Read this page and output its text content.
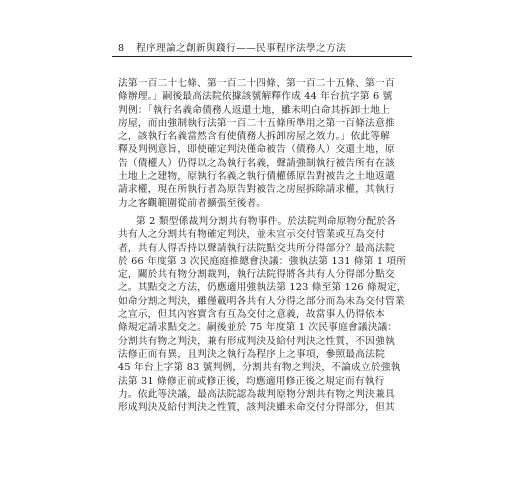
8 程序理論之創新與踐行——民事程序法學之方法
法第一百二十七條、第一百二十四條、第一百二十五條、第一百
條辦理。」嗣後最高法院依據該號解釋作成 44 年台抗字第 6 號
判例：「執行名義命債務人返還土地，雖未明白命其拆卸土地上
房屋，而由強制執行法第一百二十五條所準用之第一百條法意推
之，該執行名義當然含有使債務人拆卸房屋之效力。」依此等解
釋及判例意旨，即使確定判決僅命被告（債務人）交還土地，原
告（債權人）仍得以之為執行名義，聲請強制執行被告所有在該
土地上之建物，原執行名義之執行債權係原告對被告之土地返還
請求權，現在所執行者為原告對被告之房屋拆除請求權，其執行
力之客觀範圍從前者擴張至後者。
第 2 類型係裁判分割共有物事件。於法院判命原物分配於各
共有人之分割共有物確定判決，並未宣示交付管業或互為交付
者，共有人得否持以聲請執行法院點交共所分得部分？最高法院
於 66 年度第 3 次民庭庭推總會決議：強執法第 131 條第 1 項所
定，關於共有物分割裁判，執行法院得將各共有人分得部分點交
之。其點交之方法，仍應適用強執法第 123 條至第 126 條規定，
如命分割之判決，雖僅載明各共有人分得之部分而為未為交付管業
之宣示，但其內容實含有互為交付之意義，故當事人仍得依本
條規定請求點交之。嗣後並於 75 年度第 1 次民事庭會議決議：
分割共有物之判決，兼有形成判決及給付判決之性質，不因強執
法修正而有異，且判決之執行為程序上之事項，參照最高法院
45 年台上字第 83 號判例，分割共有物之判決，不論成立於強執
法第 31 條修正前或修正後，均應適用修正後之規定而有執行
力。依此等決議，最高法院認為裁判原物分割共有物之判決兼具
形成判決及給付判決之性質，該判決雖未命交付分得部分，但其
